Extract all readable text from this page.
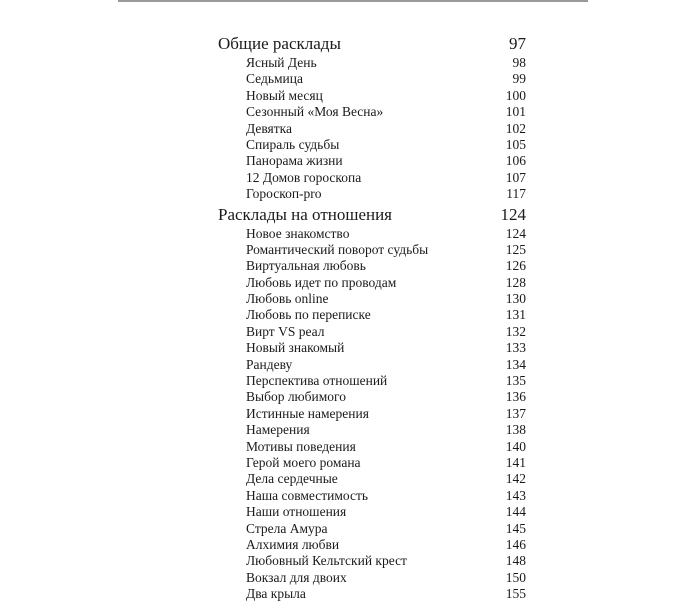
Общие расклады	97
Ясный День	98
Седьмица	99
Новый месяц	100
Сезонный «Моя Весна»	101
Девятка	102
Спираль судьбы	105
Панорама жизни	106
12 Домов гороскопа	107
Гороскоп-pro	117
Расклады на отношения	124
Новое знакомство	124
Романтический поворот судьбы	125
Виртуальная любовь	126
Любовь идет по проводам	128
Любовь online	130
Любовь по переписке	131
Вирт VS реал	132
Новый знакомый	133
Рандеву	134
Перспектива отношений	135
Выбор любимого	136
Истинные намерения	137
Намерения	138
Мотивы поведения	140
Герой моего романа	141
Дела сердечные	142
Наша совместимость	143
Наши отношения	144
Стрела Амура	145
Алхимия любви	146
Любовный Кельтский крест	148
Вокзал для двоих	150
Два крыла	155
